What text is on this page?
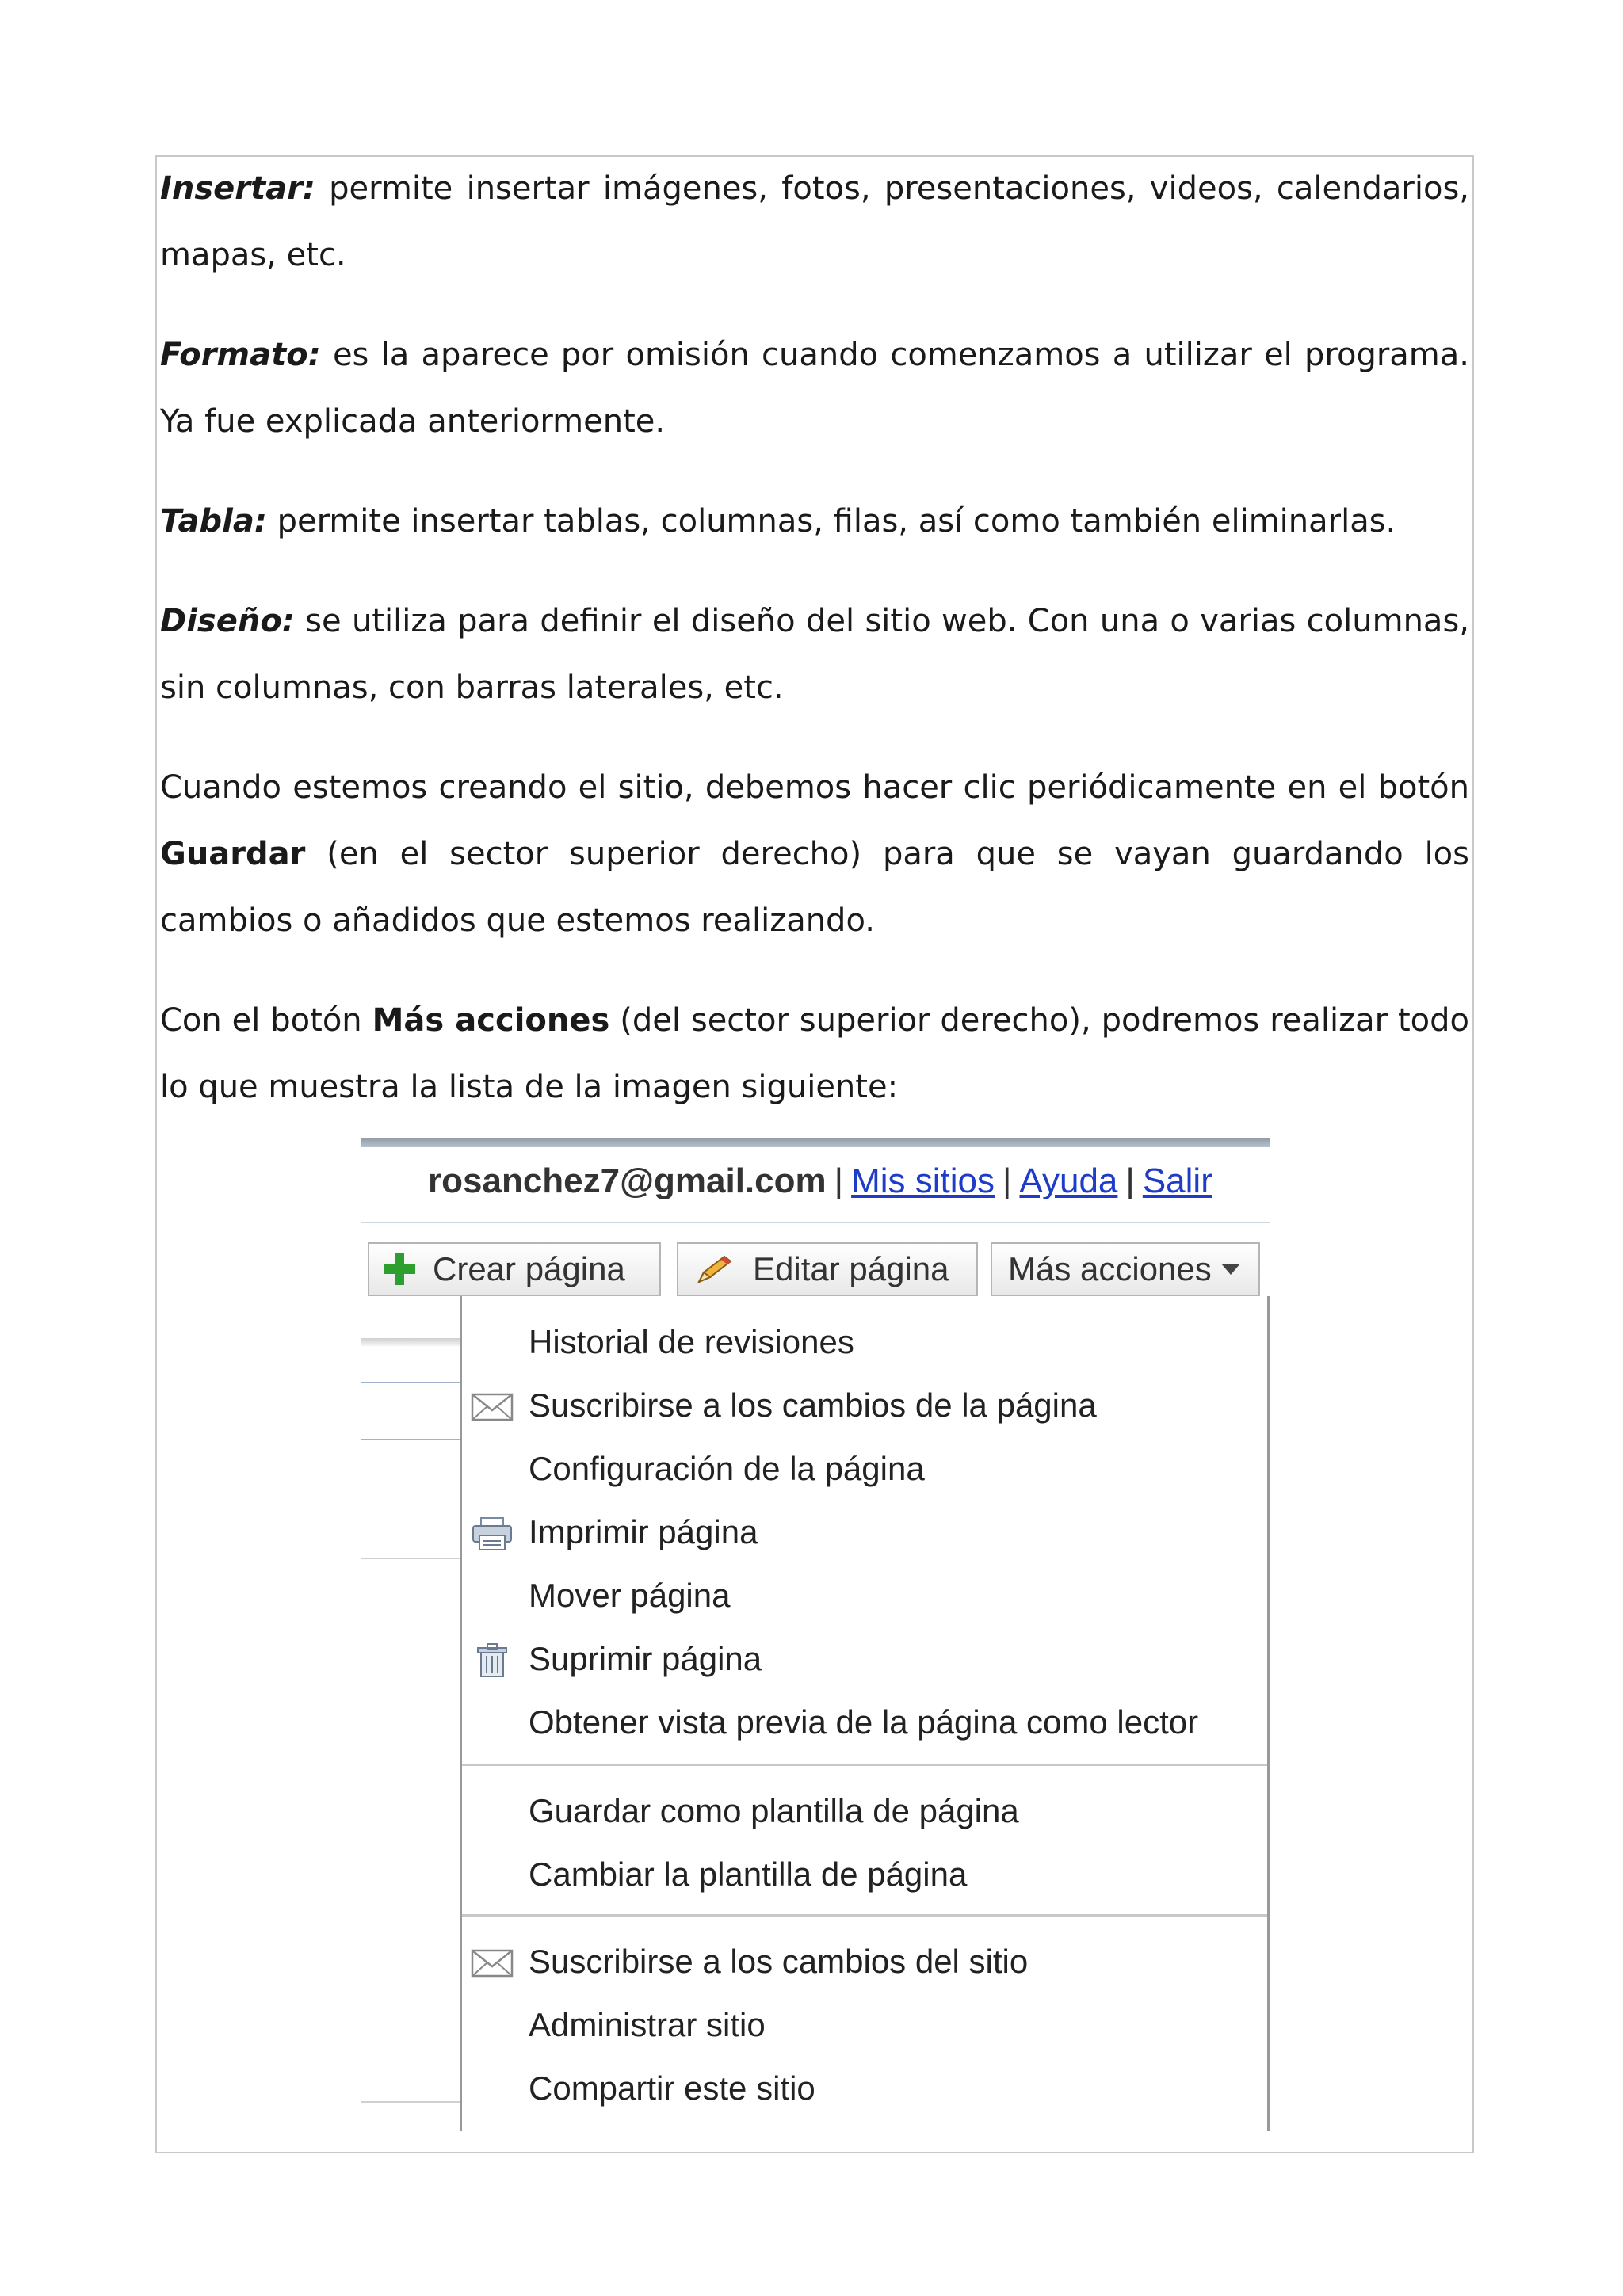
Insertar: permite insertar imágenes, fotos, presentaciones, videos, calendarios, mapas, etc.

Formato: es la aparece por omisión cuando comenzamos a utilizar el programa. Ya fue explicada anteriormente.

Tabla: permite insertar tablas, columnas, filas, así como también eliminarlas.

Diseño: se utiliza para definir el diseño del sitio web. Con una o varias columnas, sin columnas, con barras laterales, etc.

Cuando estemos creando el sitio, debemos hacer clic periódicamente en el botón Guardar (en el sector superior derecho) para que se vayan guardando los cambios o añadidos que estemos realizando.

Con el botón Más acciones (del sector superior derecho), podremos realizar todo lo que muestra la lista de la imagen siguiente:

rosanchez7@gmail.com | Mis sitios | Ayuda | Salir
Crear página	Editar página Más acciones
Historial de revisiones
Suscribirse a los cambios de la página
Configuración de la página
Imprimir página
Mover página
Suprimir página
Obtener vista previa de la página como lector
Guardar como plantilla de página
Cambiar la plantilla de página
Suscribirse a los cambios del sitio
Administrar sitio
Compartir este sitio
